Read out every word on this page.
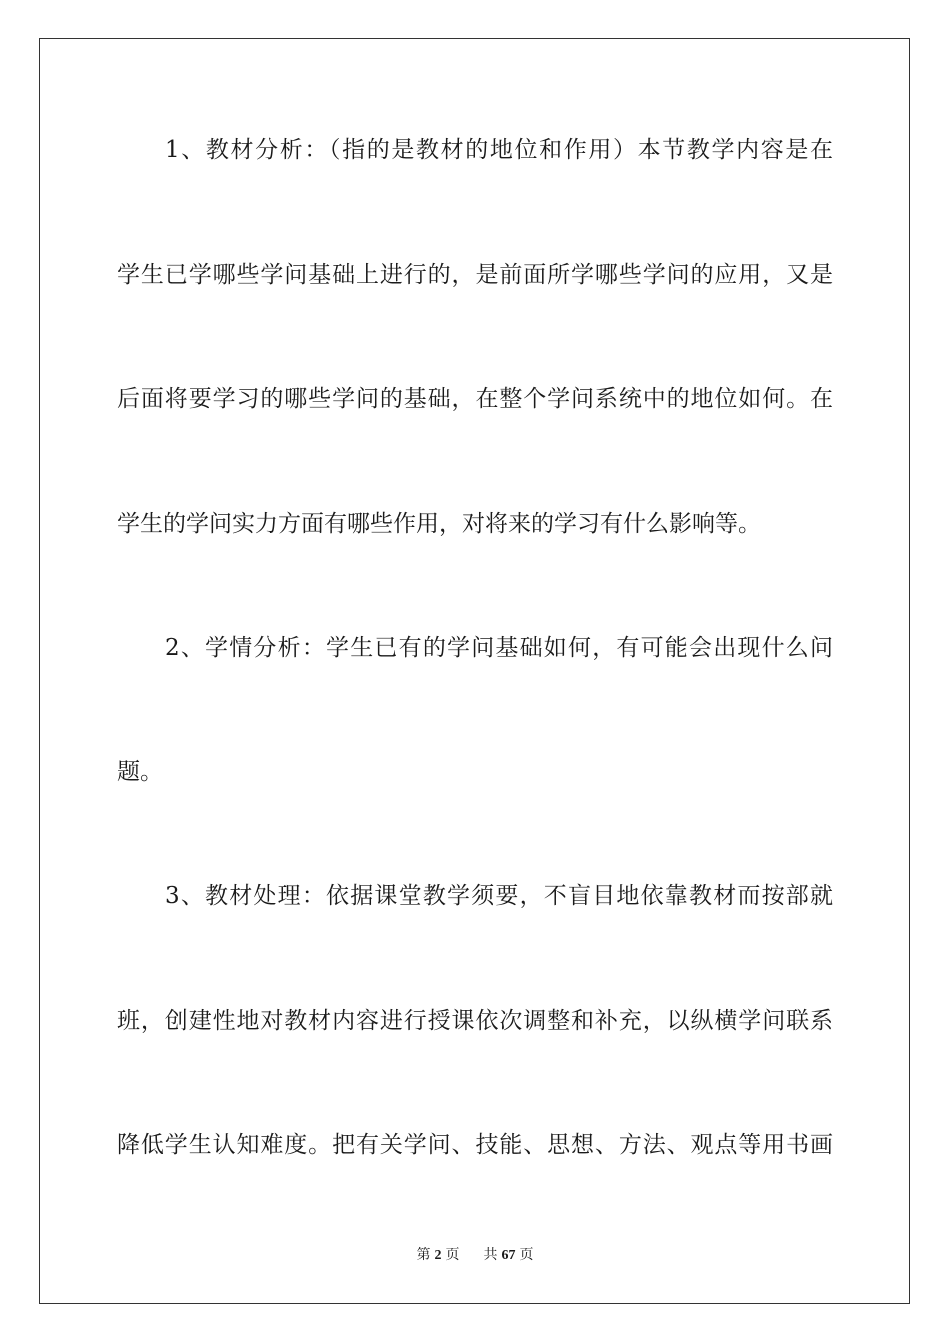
1、教材分析：（指的是教材的地位和作用）本节教学内容是在
学生已学哪些学问基础上进行的，是前面所学哪些学问的应用，又是
后面将要学习的哪些学问的基础，在整个学问系统中的地位如何。在
学生的学问实力方面有哪些作用，对将来的学习有什么影响等。
2、学情分析：学生已有的学问基础如何，有可能会出现什么问
题。
3、教材处理：依据课堂教学须要，不盲目地依靠教材而按部就
班，创建性地对教材内容进行授课依次调整和补充，以纵横学问联系
降低学生认知难度。把有关学问、技能、思想、方法、观点等用书画
第 2 页 共 67 页
